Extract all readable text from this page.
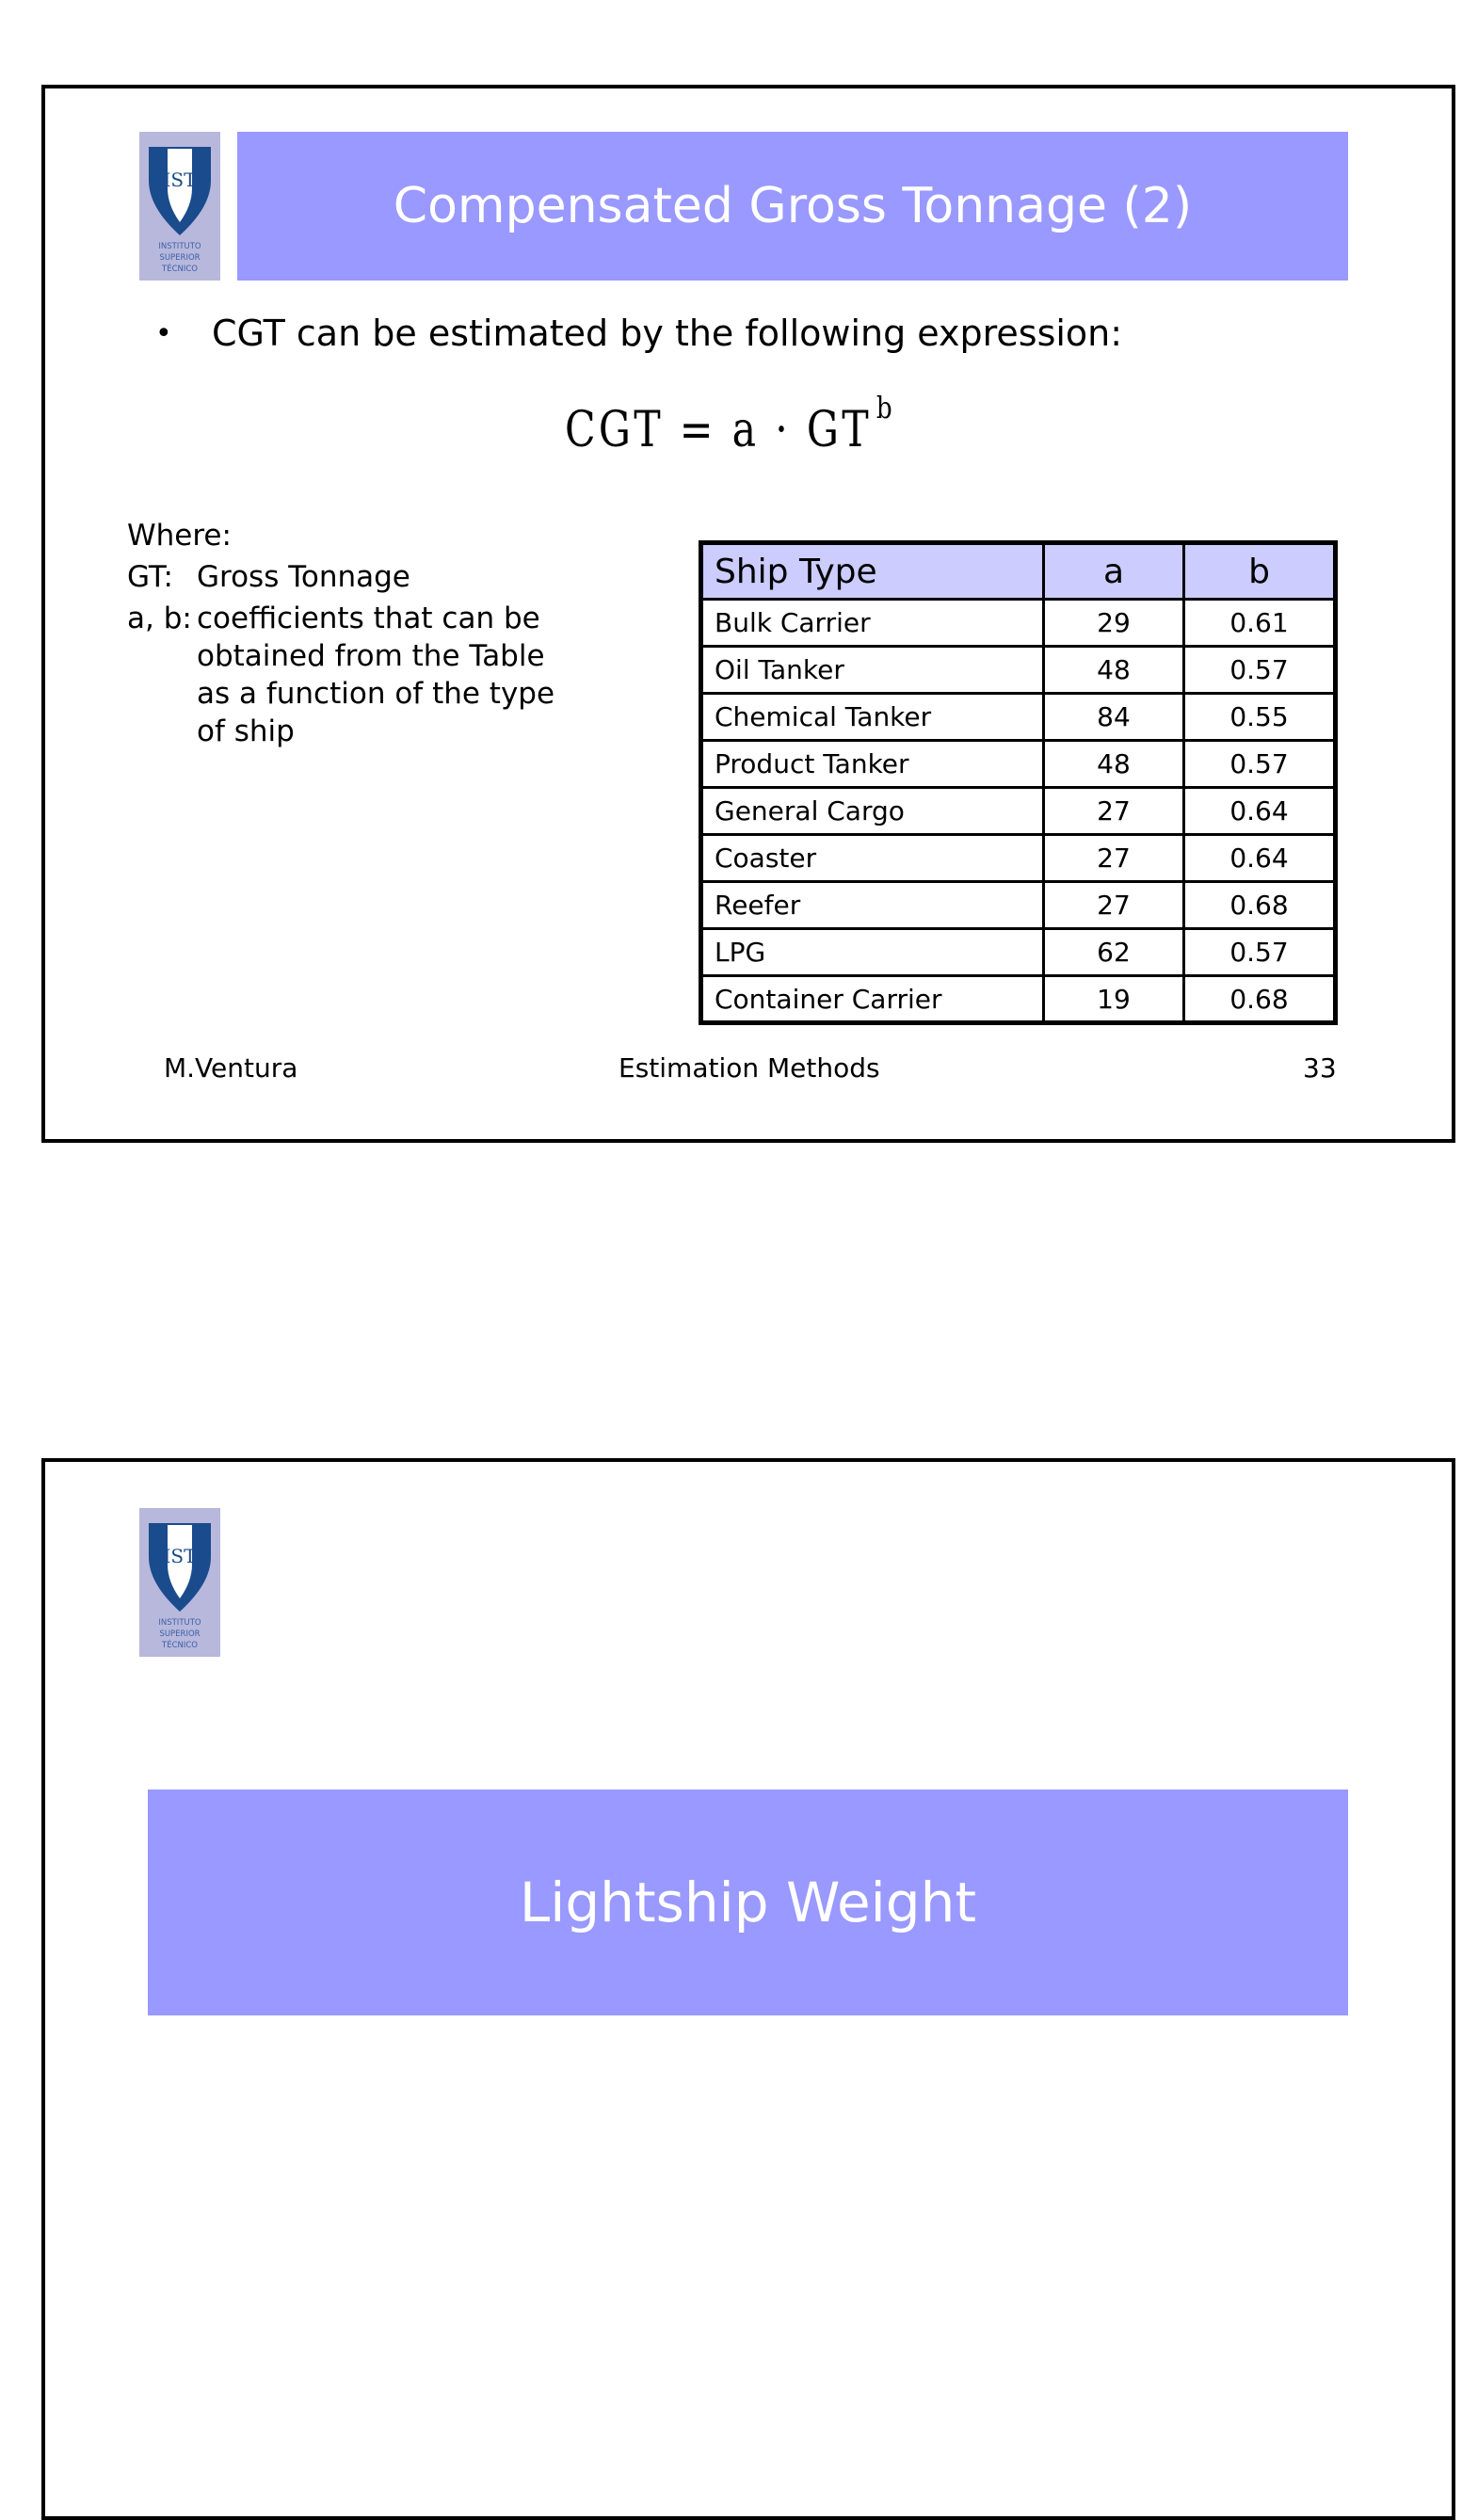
IST
INSTITUTO
SUPERIOR
TÉCNICO
Compensated Gross Tonnage (2)
•	CGT can be estimated by the following expression:
CGT = a · GT $^b$
Where:
GT: Gross Tonnage
a, b: coefficients that can be
obtained from the Table
as a function of the type
of ship
Ship Type	a	b
Bulk Carrier	29	0.61
Oil Tanker	48	0.57
Chemical Tanker	84	0.55
Product Tanker	48	0.57
General Cargo	27	0.64
Coaster	27	0.64
Reefer	27	0.68
LPG	62	0.57
Container Carrier	19	0.68
M.Ventura	Estimation Methods	33
IST
INSTITUTO
SUPERIOR
TÉCNICO
Lightship Weight
